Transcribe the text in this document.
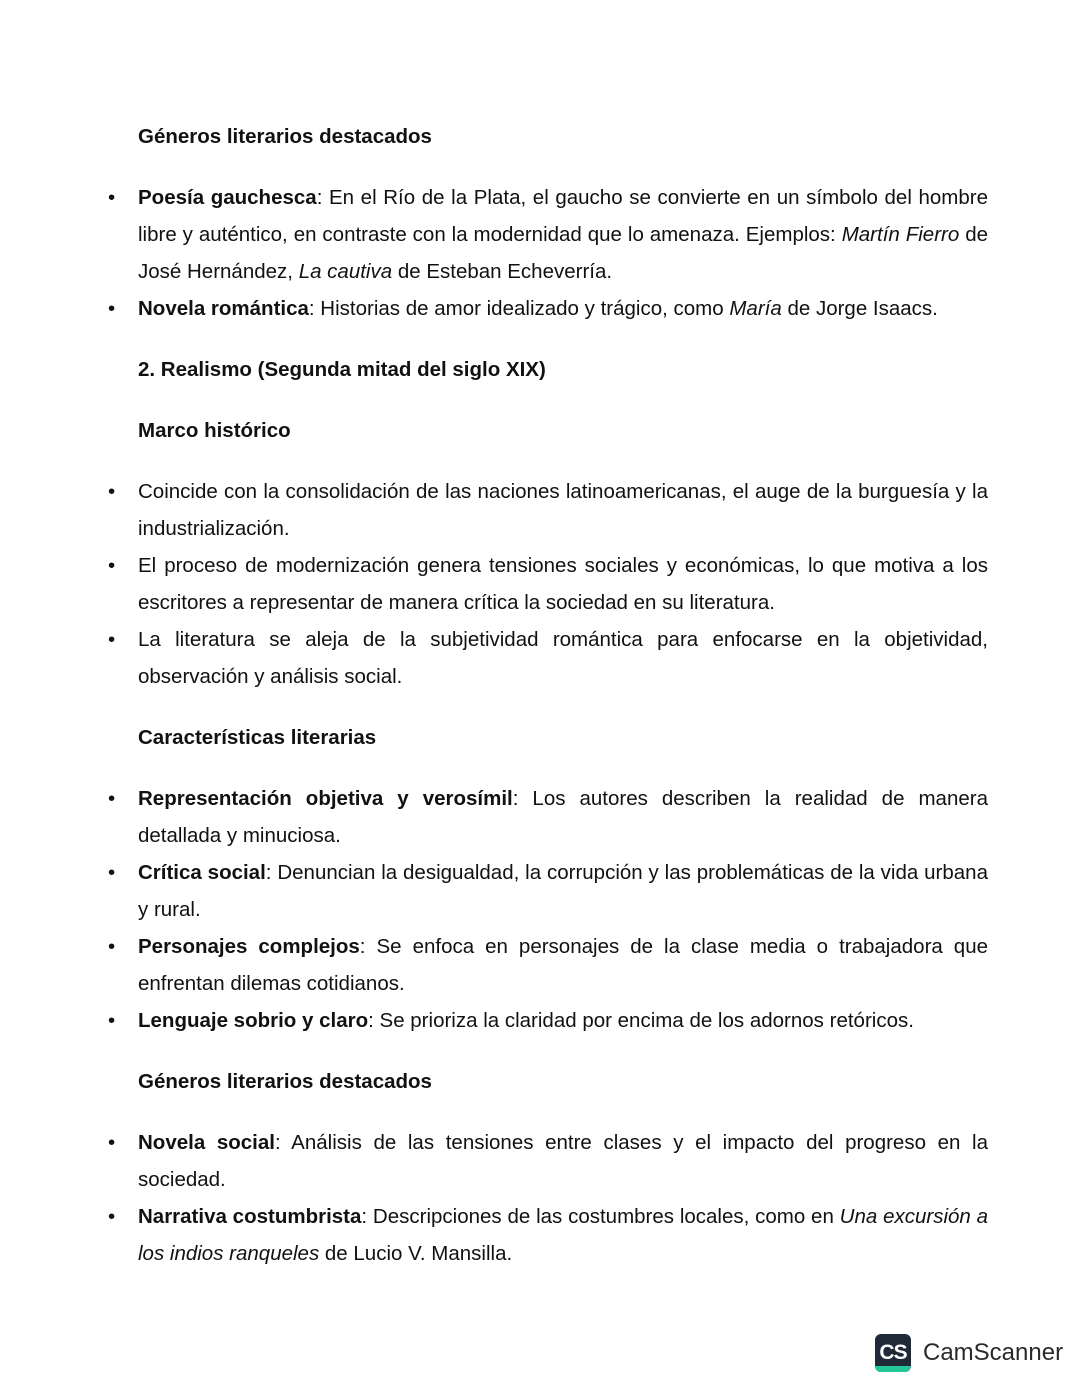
Géneros literarios destacados
• Poesía gauchesca: En el Río de la Plata, el gaucho se convierte en un símbolo del hombre libre y auténtico, en contraste con la modernidad que lo amenaza. Ejemplos: Martín Fierro de José Hernández, La cautiva de Esteban Echeverría.
• Novela romántica: Historias de amor idealizado y trágico, como María de Jorge Isaacs.
2. Realismo (Segunda mitad del siglo XIX)
Marco histórico
• Coincide con la consolidación de las naciones latinoamericanas, el auge de la burguesía y la industrialización.
• El proceso de modernización genera tensiones sociales y económicas, lo que motiva a los escritores a representar de manera crítica la sociedad en su literatura.
• La literatura se aleja de la subjetividad romántica para enfocarse en la objetividad, observación y análisis social.
Características literarias
• Representación objetiva y verosímil: Los autores describen la realidad de manera detallada y minuciosa.
• Crítica social: Denuncian la desigualdad, la corrupción y las problemáticas de la vida urbana y rural.
• Personajes complejos: Se enfoca en personajes de la clase media o trabajadora que enfrentan dilemas cotidianos.
• Lenguaje sobrio y claro: Se prioriza la claridad por encima de los adornos retóricos.
Géneros literarios destacados
• Novela social: Análisis de las tensiones entre clases y el impacto del progreso en la sociedad.
• Narrativa costumbrista: Descripciones de las costumbres locales, como en Una excursión a los indios ranqueles de Lucio V. Mansilla.
CS CamScanner
